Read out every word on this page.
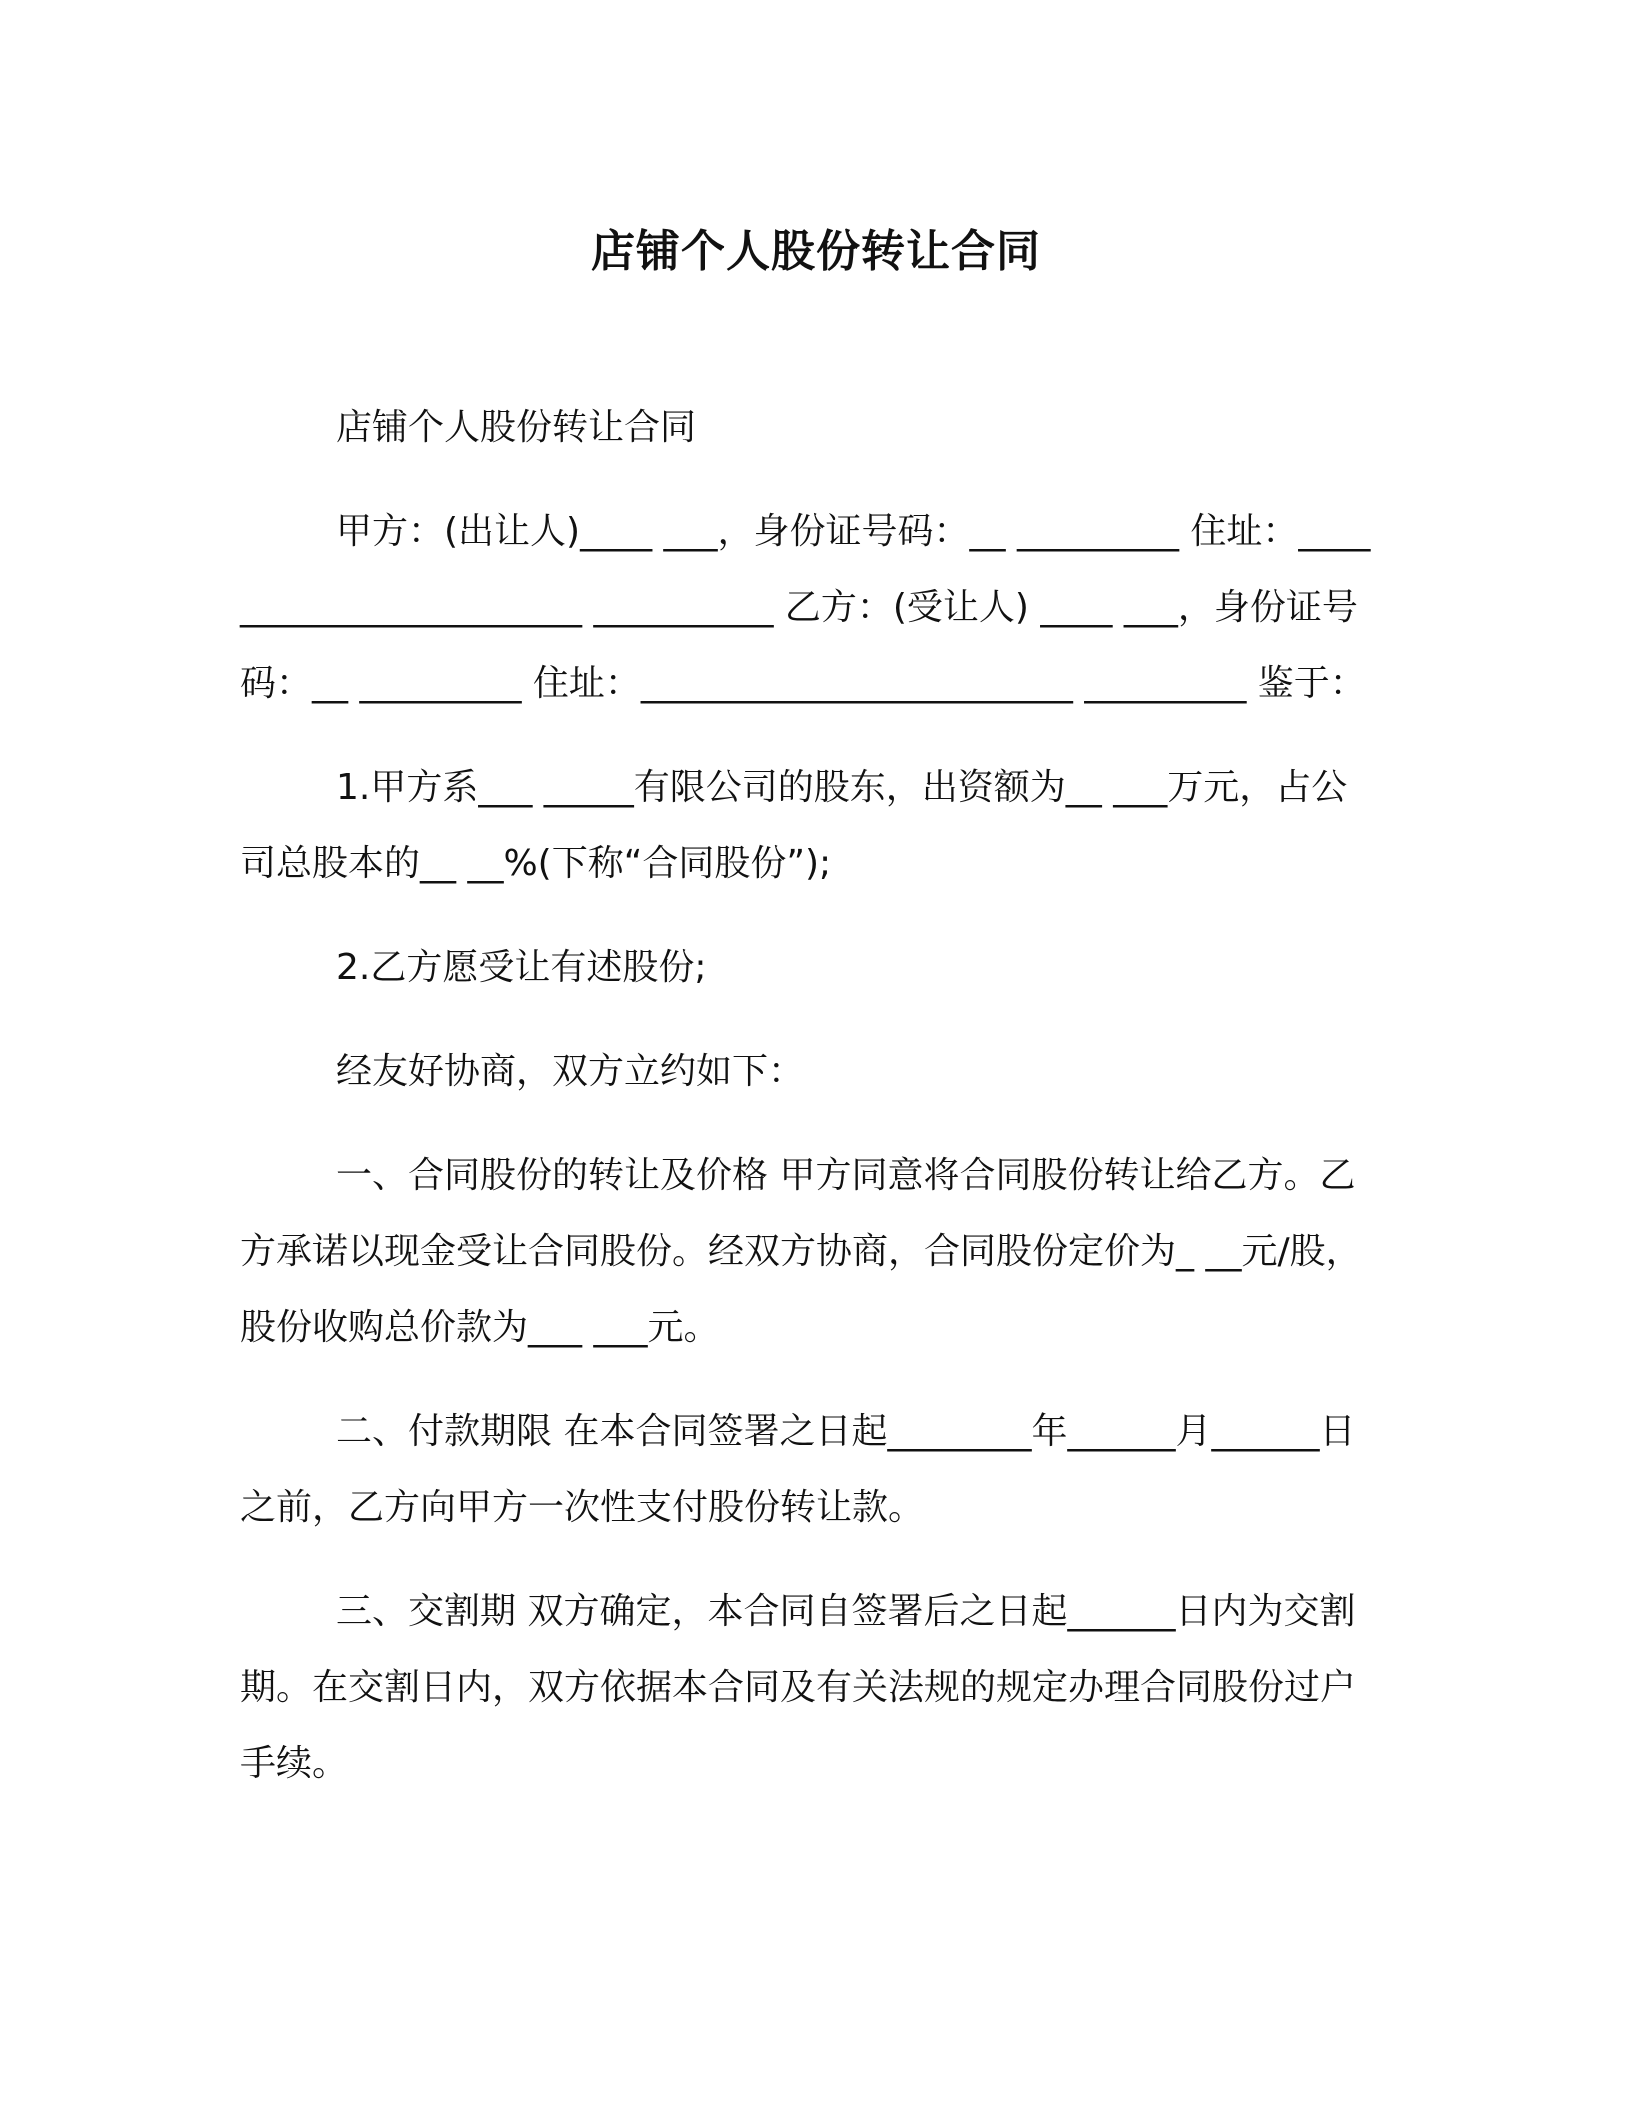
店铺个人股份转让合同

店铺个人股份转让合同

甲方：(出让人)____ ___，身份证号码：__ _________ 住址：_______________________ __________ 乙方：(受让人) ____ ___，身份证号码：__ _________ 住址：________________________ _________ 鉴于：

1.甲方系___ _____有限公司的股东，出资额为__ ___万元，占公司总股本的__ __%(下称“合同股份”);

2.乙方愿受让有述股份;

经友好协商，双方立约如下：

一、合同股份的转让及价格 甲方同意将合同股份转让给乙方。乙方承诺以现金受让合同股份。经双方协商，合同股份定价为_ __元/股，股份收购总价款为___ ___元。

二、付款期限 在本合同签署之日起________年______月______日之前，乙方向甲方一次性支付股份转让款。

三、交割期 双方确定，本合同自签署后之日起______日内为交割期。在交割日内，双方依据本合同及有关法规的规定办理合同股份过户手续。
